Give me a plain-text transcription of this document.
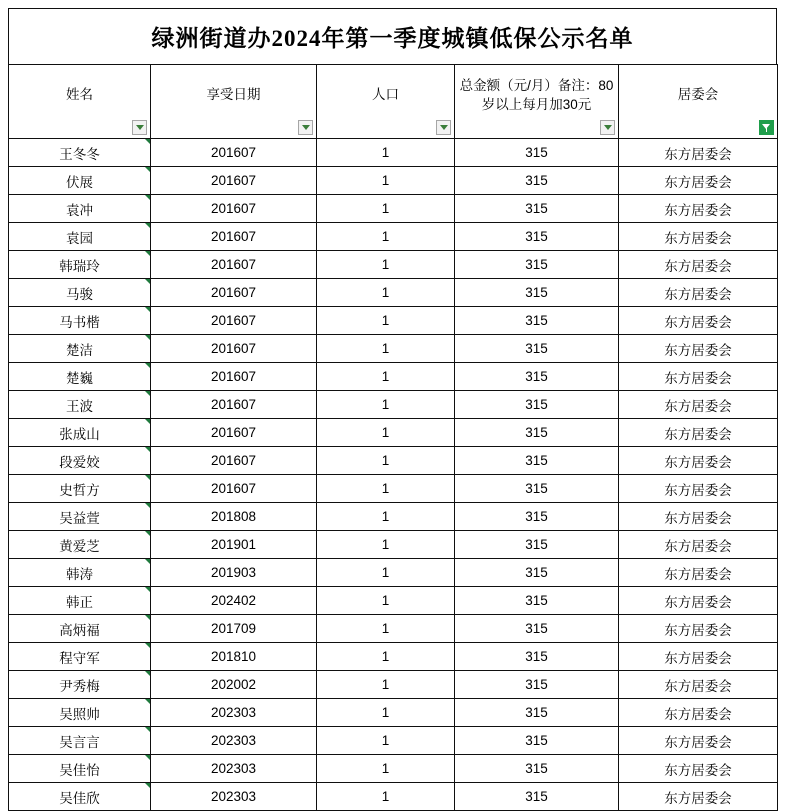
绿洲街道办2024年第一季度城镇低保公示名单
姓名	享受日期	人口	总金额（元/月）备注：80岁以上每月加30元	居委会

王冬冬	201607	1	315	东方居委会
伏展	201607	1	315	东方居委会
袁冲	201607	1	315	东方居委会
袁园	201607	1	315	东方居委会
韩瑞玲	201607	1	315	东方居委会
马骏	201607	1	315	东方居委会
马书楷	201607	1	315	东方居委会
楚洁	201607	1	315	东方居委会
楚巍	201607	1	315	东方居委会
王波	201607	1	315	东方居委会
张成山	201607	1	315	东方居委会
段爱姣	201607	1	315	东方居委会
史哲方	201607	1	315	东方居委会
吴益萱	201808	1	315	东方居委会
黄爱芝	201901	1	315	东方居委会
韩涛	201903	1	315	东方居委会
韩正	202402	1	315	东方居委会
高炳福	201709	1	315	东方居委会
程守军	201810	1	315	东方居委会
尹秀梅	202002	1	315	东方居委会
吴照帅	202303	1	315	东方居委会
吴言言	202303	1	315	东方居委会
吴佳怡	202303	1	315	东方居委会
吴佳欣	202303	1	315	东方居委会
